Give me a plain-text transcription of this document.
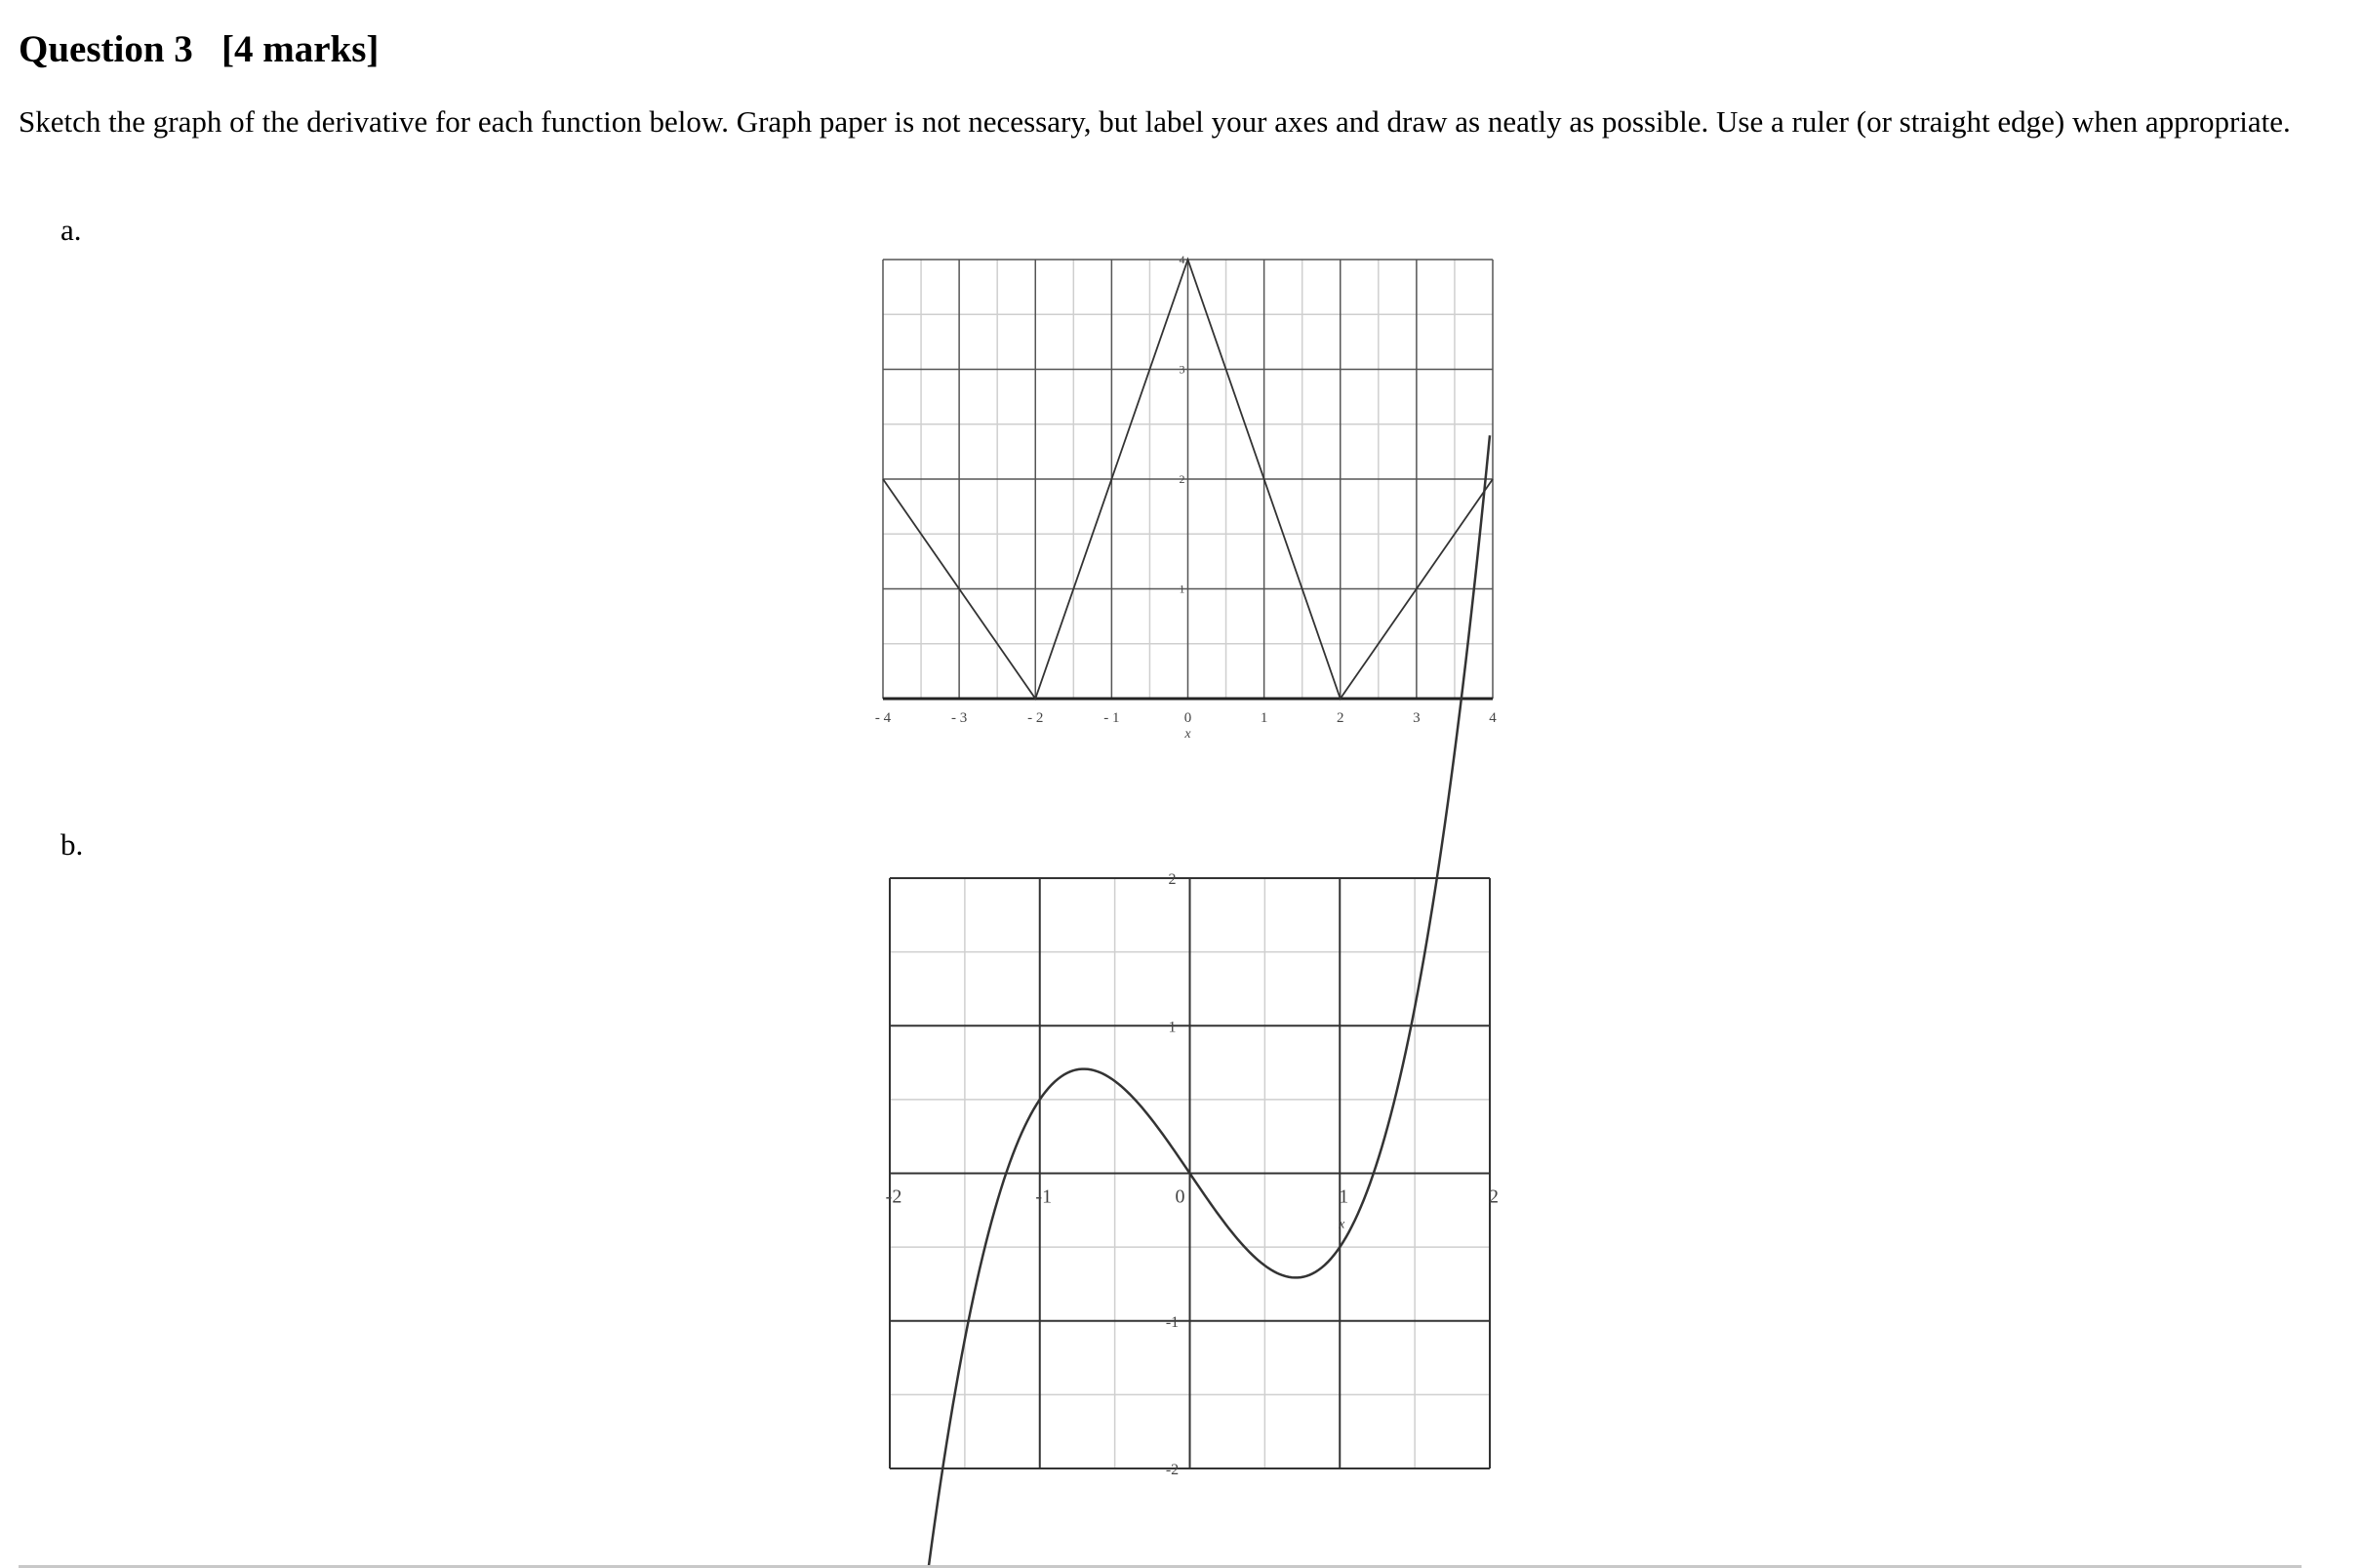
Question 3   [4 marks]
Sketch the graph of the derivative for each function below. Graph paper is not necessary, but label your axes and draw as neatly as possible. Use a ruler (or straight edge) when appropriate.
a.
1
2
3
4
- 4	- 3	- 2	- 1	0	1	2	3	4
x
b.
2
1
-1
-2
-2	-1	0	1	2
x
